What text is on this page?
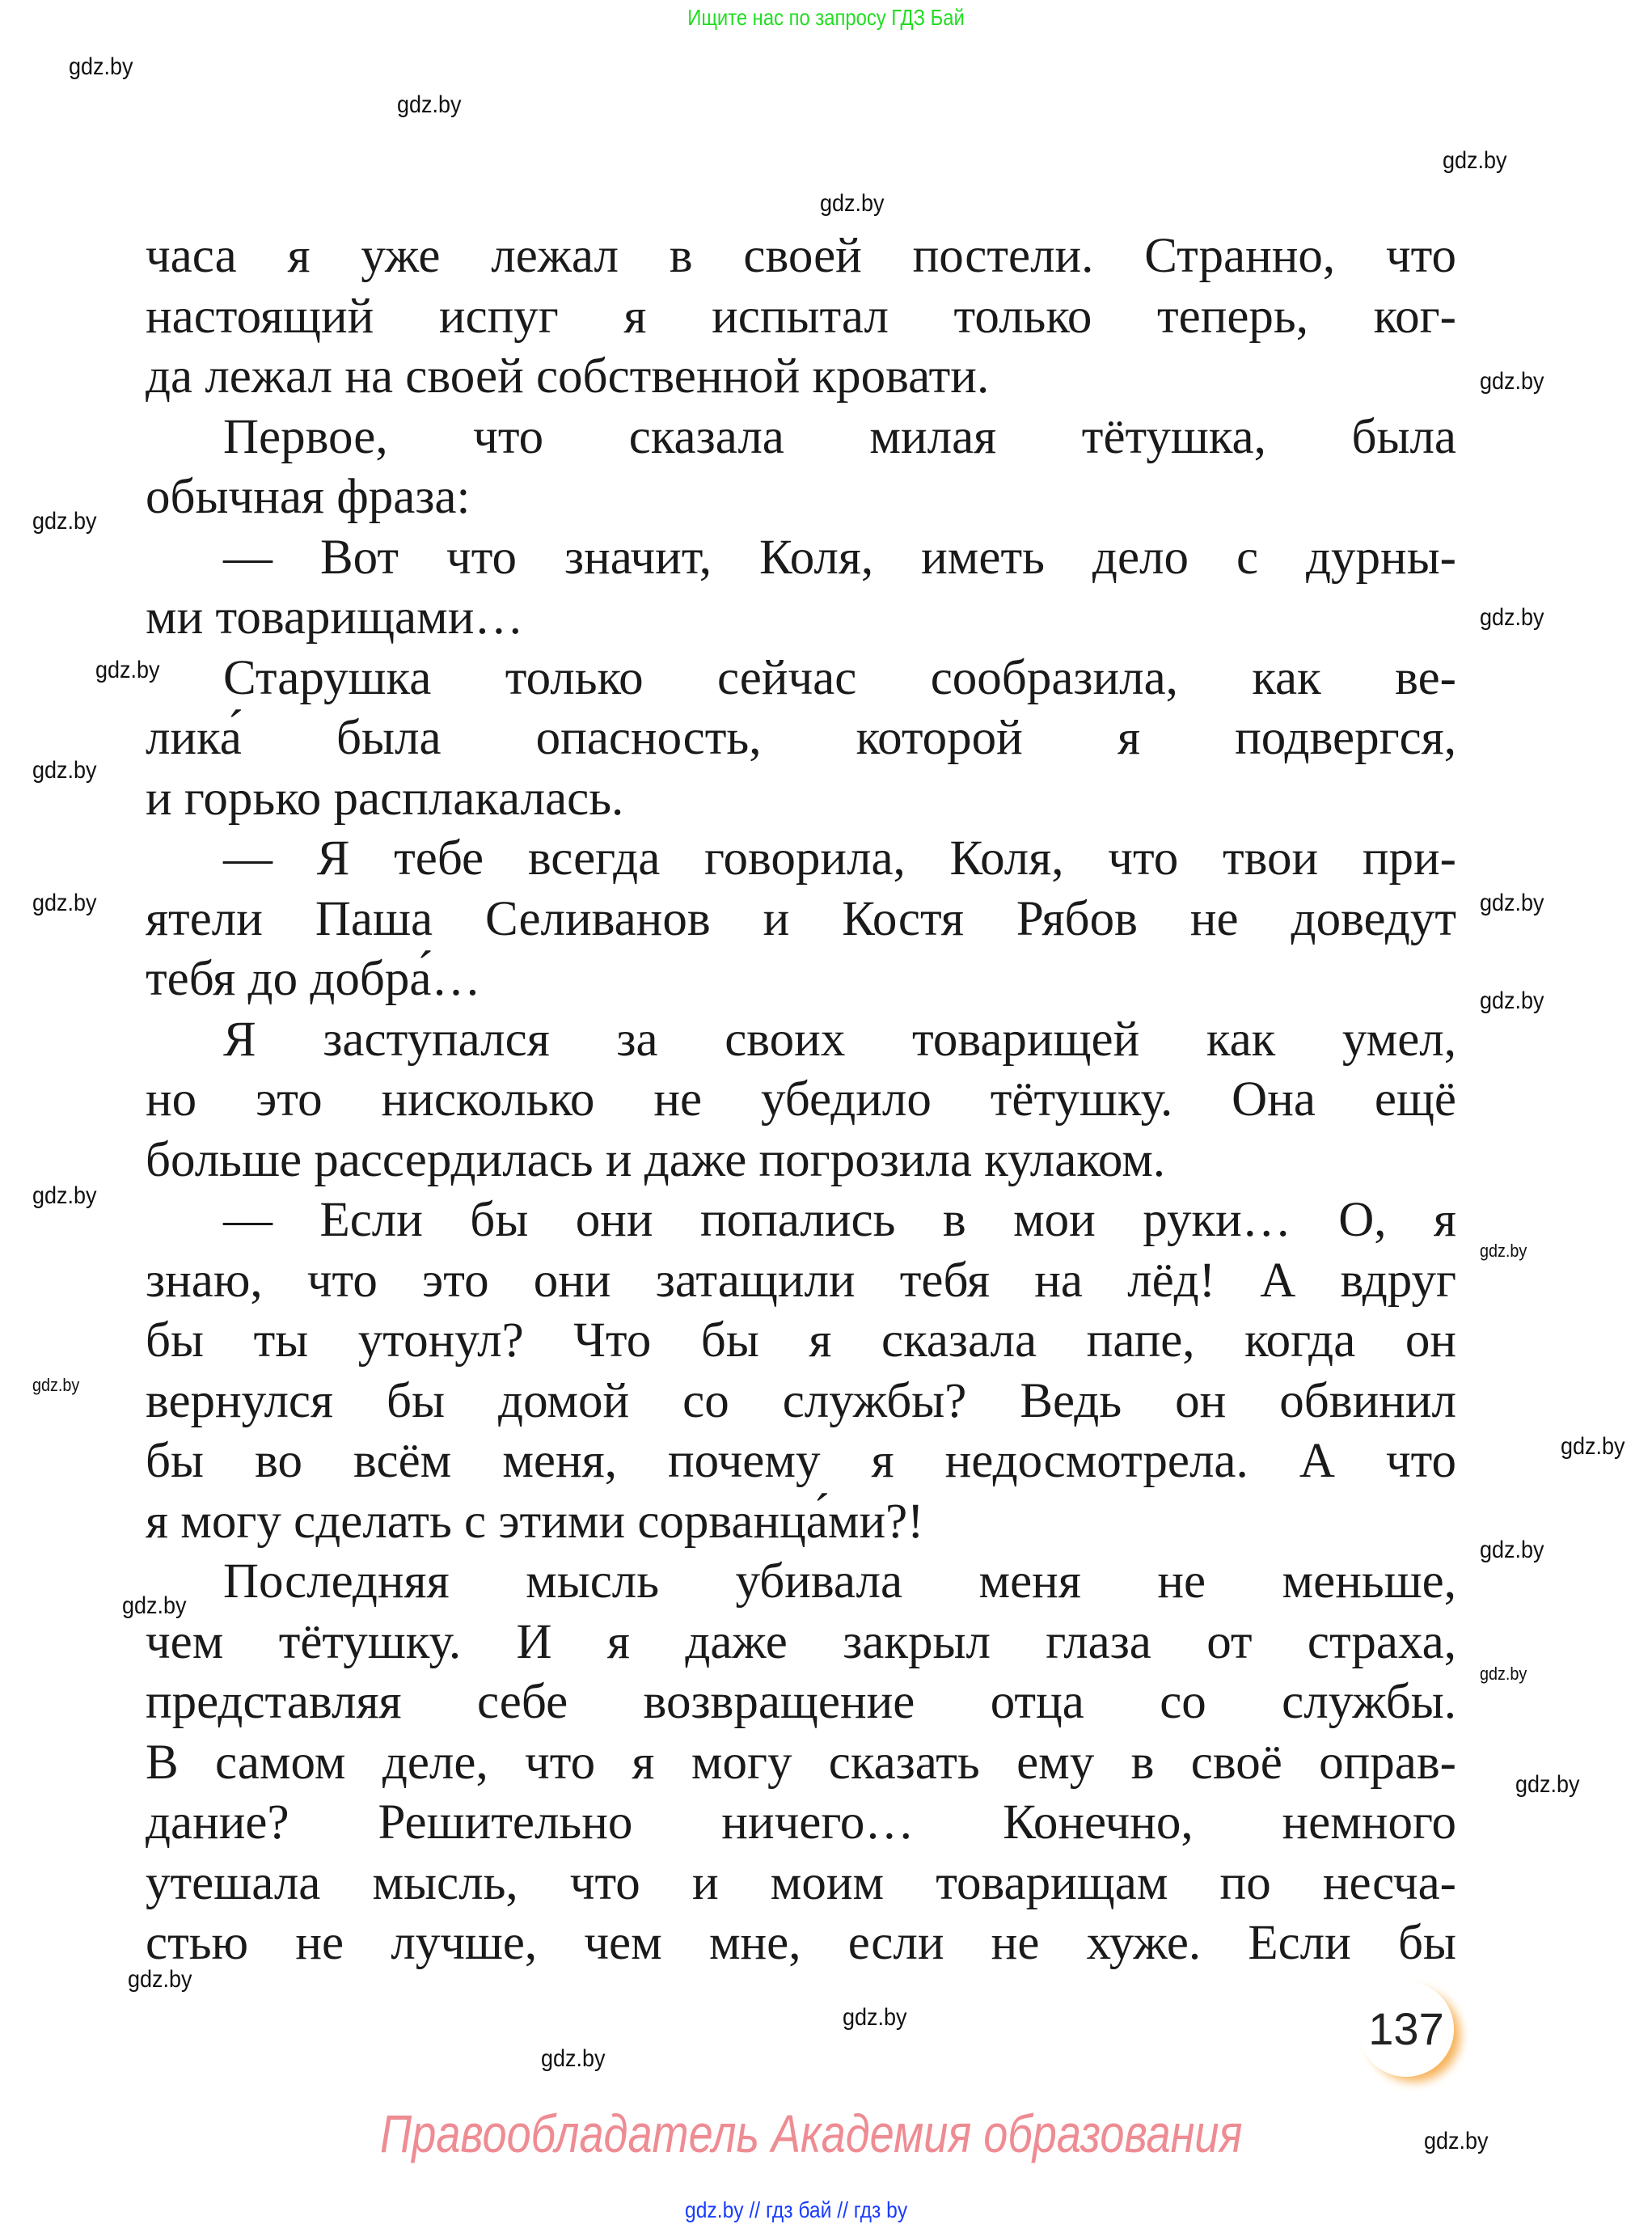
Ищите нас по запросу ГДЗ Бай
gdz.by
gdz.by
gdz.by
gdz.by
gdz.by
gdz.by
gdz.by
gdz.by
gdz.by
gdz.by	gdz.by
gdz.by
gdz.by
gdz.by
gdz.by
gdz.by
gdz.by
gdz.by
gdz.by
gdz.by
gdz.by
gdz.by
gdz.by
gdz.by
часа я уже лежал в своей постели. Странно, что
настоящий испуг я испытал только теперь, ког-
да лежал на своей собственной кровати.
Первое, что сказала милая тётушка, была
обычная фраза:
— Вот что значит, Коля, иметь дело с дурны-
ми товарищами…
Старушка только сейчас сообразила, как ве-
лика́ была опасность, которой я подвергся,
и горько расплакалась.
— Я тебе всегда говорила, Коля, что твои при-
ятели Паша Селиванов и Костя Рябов не доведут
тебя до добра́…
Я заступался за своих товарищей как умел,
но это нисколько не убедило тётушку. Она ещё
больше рассердилась и даже погрозила кулаком.
— Если бы они попались в мои руки… О, я
знаю, что это они затащили тебя на лёд! А вдруг
бы ты утонул? Что бы я сказала папе, когда он
вернулся бы домой со службы? Ведь он обвинил
бы во всём меня, почему я недосмотрела. А что
я могу сделать с этими сорванца́ми?!
Последняя мысль убивала меня не меньше,
чем тётушку. И я даже закрыл глаза от страха,
представляя себе возвращение отца со службы.
В самом деле, что я могу сказать ему в своё оправ-
дание? Решительно ничего… Конечно, немного
утешала мысль, что и моим товарищам по несча-
стью не лучше, чем мне, если не хуже. Если бы
137
Правообладатель Академия образования
gdz.by // гдз бай // гдз by
